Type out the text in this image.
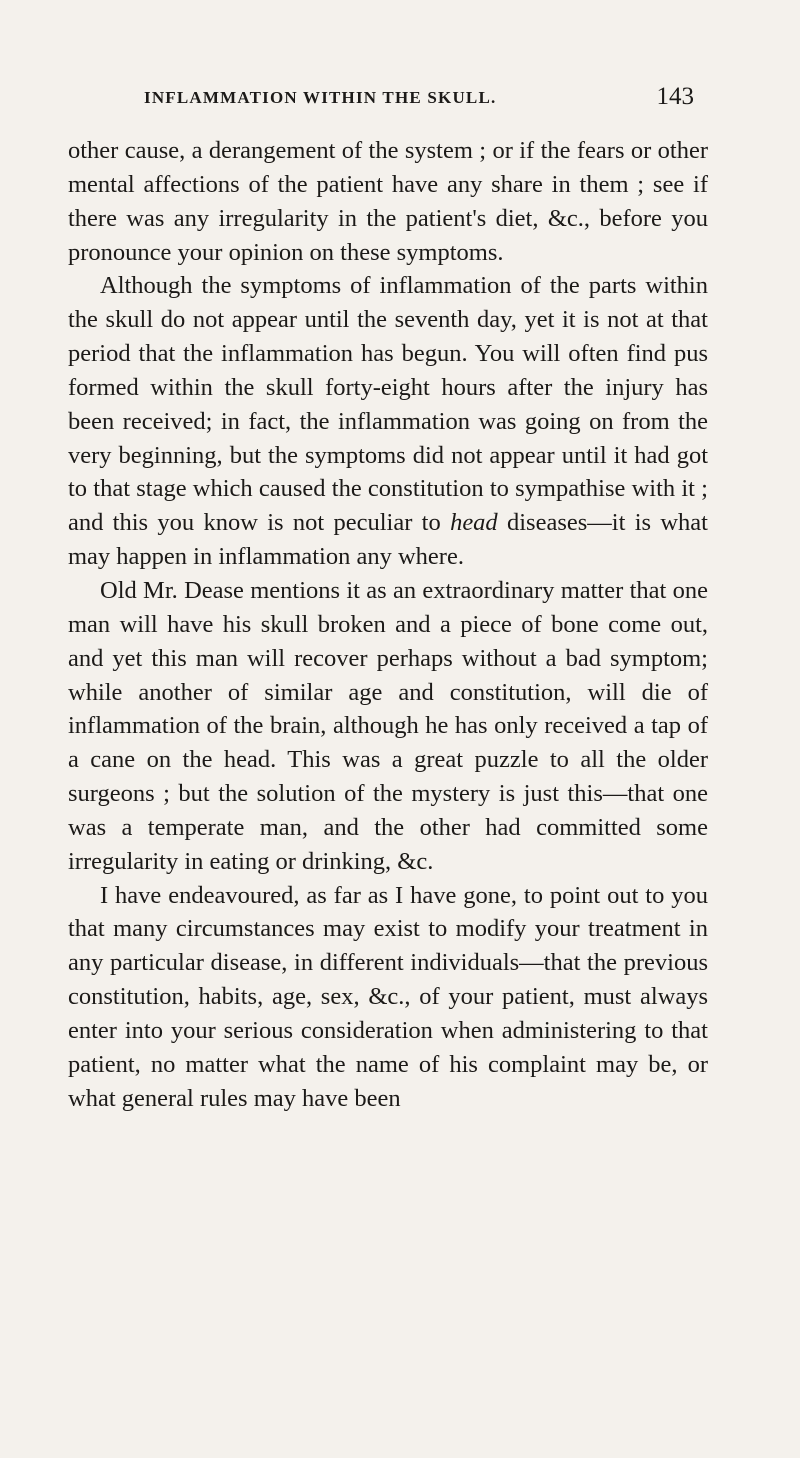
INFLAMMATION WITHIN THE SKULL.	143

other cause, a derangement of the system ; or if the fears or other mental affections of the patient have any share in them ; see if there was any irregularity in the patient's diet, &c., before you pronounce your opinion on these symptoms.

Although the symptoms of inflammation of the parts within the skull do not appear until the seventh day, yet it is not at that period that the inflammation has begun. You will often find pus formed within the skull forty-eight hours after the injury has been received; in fact, the inflammation was going on from the very beginning, but the symptoms did not appear until it had got to that stage which caused the constitution to sympathise with it ; and this you know is not peculiar to head diseases—it is what may happen in inflammation any where.

Old Mr. Dease mentions it as an extraordinary matter that one man will have his skull broken and a piece of bone come out, and yet this man will recover perhaps without a bad symptom; while another of similar age and constitution, will die of inflammation of the brain, although he has only received a tap of a cane on the head. This was a great puzzle to all the older surgeons ; but the solution of the mystery is just this—that one was a temperate man, and the other had committed some irregularity in eating or drinking, &c.

I have endeavoured, as far as I have gone, to point out to you that many circumstances may exist to modify your treatment in any particular disease, in different individuals—that the previous constitution, habits, age, sex, &c., of your patient, must always enter into your serious consideration when administering to that patient, no matter what the name of his complaint may be, or what general rules may have been
